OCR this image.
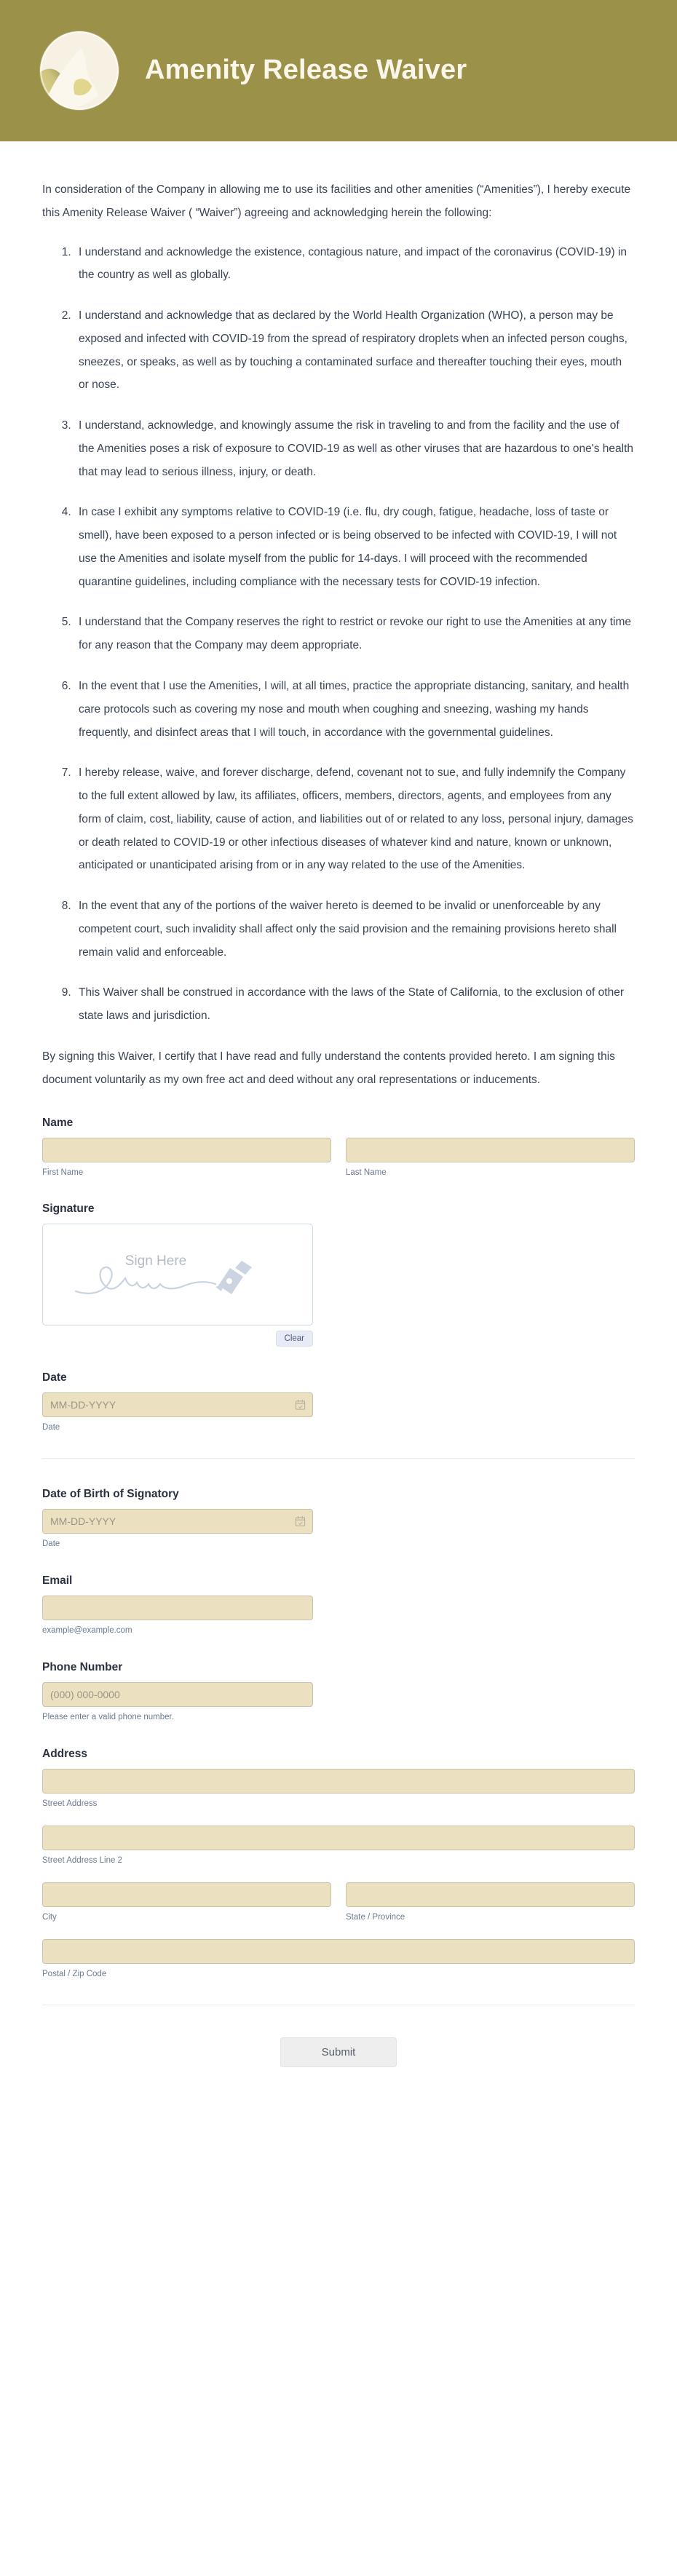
Amenity Release Waiver

In consideration of the Company in allowing me to use its facilities and other amenities (“Amenities”), I hereby execute this Amenity Release Waiver ( “Waiver”) agreeing and acknowledging herein the following:

1. I understand and acknowledge the existence, contagious nature, and impact of the coronavirus (COVID-19) in the country as well as globally.
2. I understand and acknowledge that as declared by the World Health Organization (WHO), a person may be exposed and infected with COVID-19 from the spread of respiratory droplets when an infected person coughs, sneezes, or speaks, as well as by touching a contaminated surface and thereafter touching their eyes, mouth or nose.
3. I understand, acknowledge, and knowingly assume the risk in traveling to and from the facility and the use of the Amenities poses a risk of exposure to COVID-19 as well as other viruses that are hazardous to one's health that may lead to serious illness, injury, or death.
4. In case I exhibit any symptoms relative to COVID-19 (i.e. flu, dry cough, fatigue, headache, loss of taste or smell), have been exposed to a person infected or is being observed to be infected with COVID-19, I will not use the Amenities and isolate myself from the public for 14-days. I will proceed with the recommended quarantine guidelines, including compliance with the necessary tests for COVID-19 infection.
5. I understand that the Company reserves the right to restrict or revoke our right to use the Amenities at any time for any reason that the Company may deem appropriate.
6. In the event that I use the Amenities, I will, at all times, practice the appropriate distancing, sanitary, and health care protocols such as covering my nose and mouth when coughing and sneezing, washing my hands frequently, and disinfect areas that I will touch, in accordance with the governmental guidelines.
7. I hereby release, waive, and forever discharge, defend, covenant not to sue, and fully indemnify the Company to the full extent allowed by law, its affiliates, officers, members, directors, agents, and employees from any form of claim, cost, liability, cause of action, and liabilities out of or related to any loss, personal injury, damages or death related to COVID-19 or other infectious diseases of whatever kind and nature, known or unknown, anticipated or unanticipated arising from or in any way related to the use of the Amenities.
8. In the event that any of the portions of the waiver hereto is deemed to be invalid or unenforceable by any competent court, such invalidity shall affect only the said provision and the remaining provisions hereto shall remain valid and enforceable.
9. This Waiver shall be construed in accordance with the laws of the State of California, to the exclusion of other state laws and jurisdiction.

By signing this Waiver, I certify that I have read and fully understand the contents provided hereto. I am signing this document voluntarily as my own free act and deed without any oral representations or inducements.

Name
First Name	Last Name
Signature
Sign Here
Clear
Date
MM-DD-YYYY
Date
Date of Birth of Signatory
MM-DD-YYYY
Date
Email
example@example.com
Phone Number
(000) 000-0000
Please enter a valid phone number.
Address
Street Address
Street Address Line 2
City	State / Province
Postal / Zip Code
Submit
